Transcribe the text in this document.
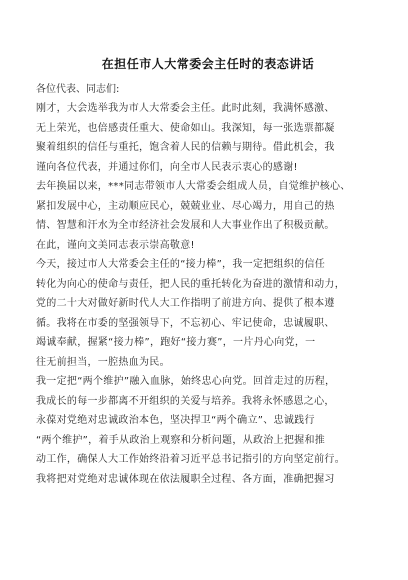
在担任市人大常委会主任时的表态讲话

各位代表、同志们:

刚才，大会选举我为市人大常委会主任。此时此刻，我满怀感激、
无上荣光，也倍感责任重大、使命如山。我深知，每一张选票都凝
聚着组织的信任与重托，饱含着人民的信赖与期待。借此机会，我
谨向各位代表，并通过你们，向全市人民表示衷心的感谢!

去年换届以来，***同志带领市人大常委会组成人员，自觉维护核心、
紧扣发展中心，主动顺应民心，兢兢业业、尽心竭力，用自己的热
情、智慧和汗水为全市经济社会发展和人大事业作出了积极贡献。
在此，谨向文美同志表示崇高敬意!

今天，接过市人大常委会主任的“接力棒”，我一定把组织的信任
转化为向心的使命与责任，把人民的重托转化为奋进的激情和动力，
党的二十大对做好新时代人大工作指明了前进方向、提供了根本遵
循。我将在市委的坚强领导下，不忘初心、牢记使命，忠诚履职、
竭诚奉献，握紧“接力棒”，跑好“接力赛”，一片丹心向党，一
往无前担当，一腔热血为民。

我一定把“两个维护”融入血脉，始终忠心向党。回首走过的历程，
我成长的每一步都离不开组织的关爱与培养。我将永怀感恩之心，
永葆对党绝对忠诚政治本色，坚决捍卫“两个确立”、忠诚践行
“两个维护”，着手从政治上观察和分析问题，从政治上把握和推
动工作，确保人大工作始终沿着习近平总书记指引的方向坚定前行。
我将把对党绝对忠诚体现在依法履职全过程、各方面，准确把握习
